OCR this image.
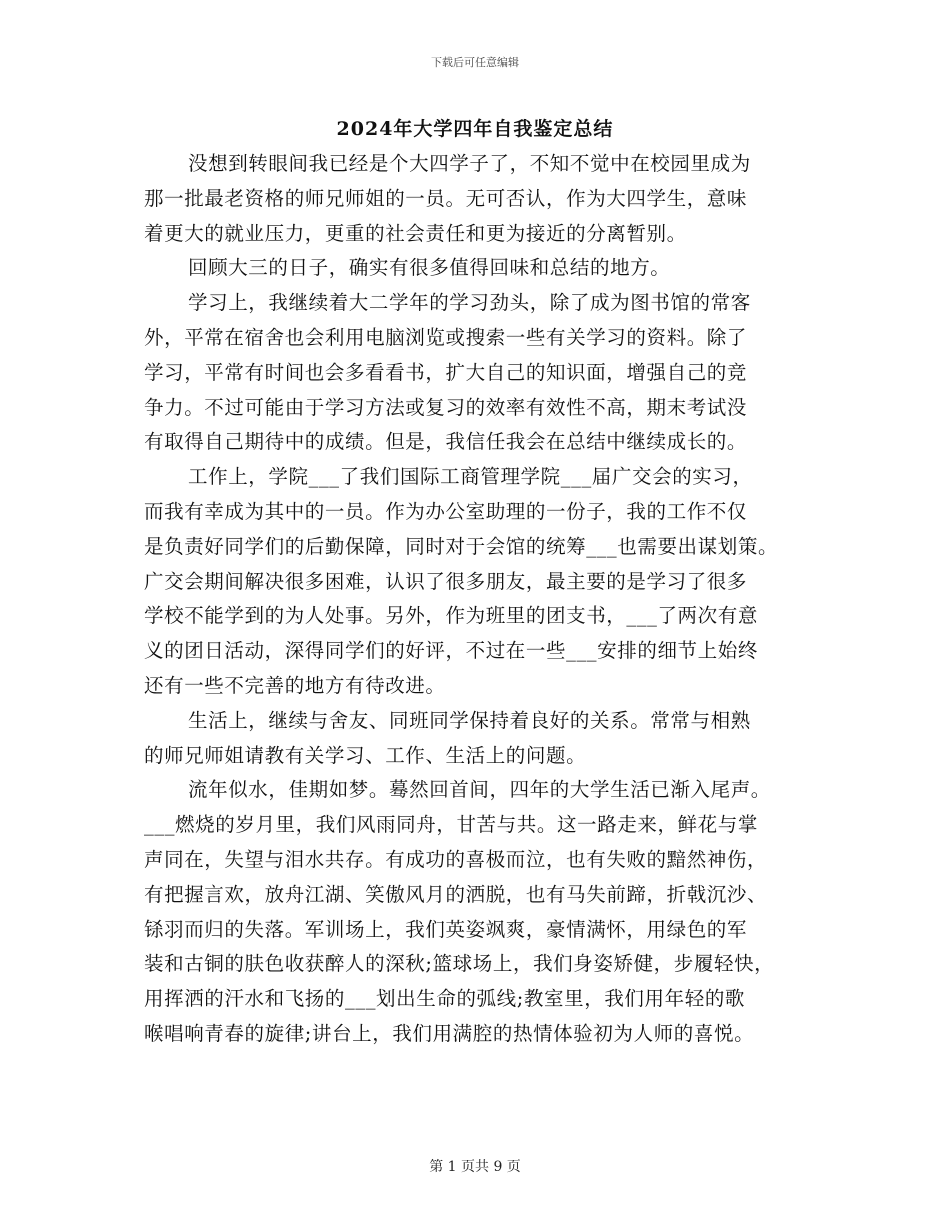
下载后可任意编辑
2024年大学四年自我鉴定总结
没想到转眼间我已经是个大四学子了，不知不觉中在校园里成为
那一批最老资格的师兄师姐的一员。无可否认，作为大四学生，意味
着更大的就业压力，更重的社会责任和更为接近的分离暂别。
回顾大三的日子，确实有很多值得回味和总结的地方。
学习上，我继续着大二学年的学习劲头，除了成为图书馆的常客
外，平常在宿舍也会利用电脑浏览或搜索一些有关学习的资料。除了
学习，平常有时间也会多看看书，扩大自己的知识面，增强自己的竞
争力。不过可能由于学习方法或复习的效率有效性不高，期末考试没
有取得自己期待中的成绩。但是，我信任我会在总结中继续成长的。
工作上，学院___了我们国际工商管理学院___届广交会的实习，
而我有幸成为其中的一员。作为办公室助理的一份子，我的工作不仅
是负责好同学们的后勤保障，同时对于会馆的统筹___也需要出谋划策。
广交会期间解决很多困难，认识了很多朋友，最主要的是学习了很多
学校不能学到的为人处事。另外，作为班里的团支书，___了两次有意
义的团日活动，深得同学们的好评，不过在一些___安排的细节上始终
还有一些不完善的地方有待改进。
生活上，继续与舍友、同班同学保持着良好的关系。常常与相熟
的师兄师姐请教有关学习、工作、生活上的问题。
流年似水，佳期如梦。蓦然回首间，四年的大学生活已渐入尾声。
___燃烧的岁月里，我们风雨同舟，甘苦与共。这一路走来，鲜花与掌
声同在，失望与泪水共存。有成功的喜极而泣，也有失败的黯然神伤，
有把握言欢，放舟江湖、笑傲风月的洒脱，也有马失前蹄，折戟沉沙、
铩羽而归的失落。军训场上，我们英姿飒爽，豪情满怀，用绿色的军
装和古铜的肤色收获醉人的深秋;篮球场上，我们身姿矫健，步履轻快，
用挥洒的汗水和飞扬的___划出生命的弧线;教室里，我们用年轻的歌
喉唱响青春的旋律;讲台上，我们用满腔的热情体验初为人师的喜悦。
第 1 页共 9 页
